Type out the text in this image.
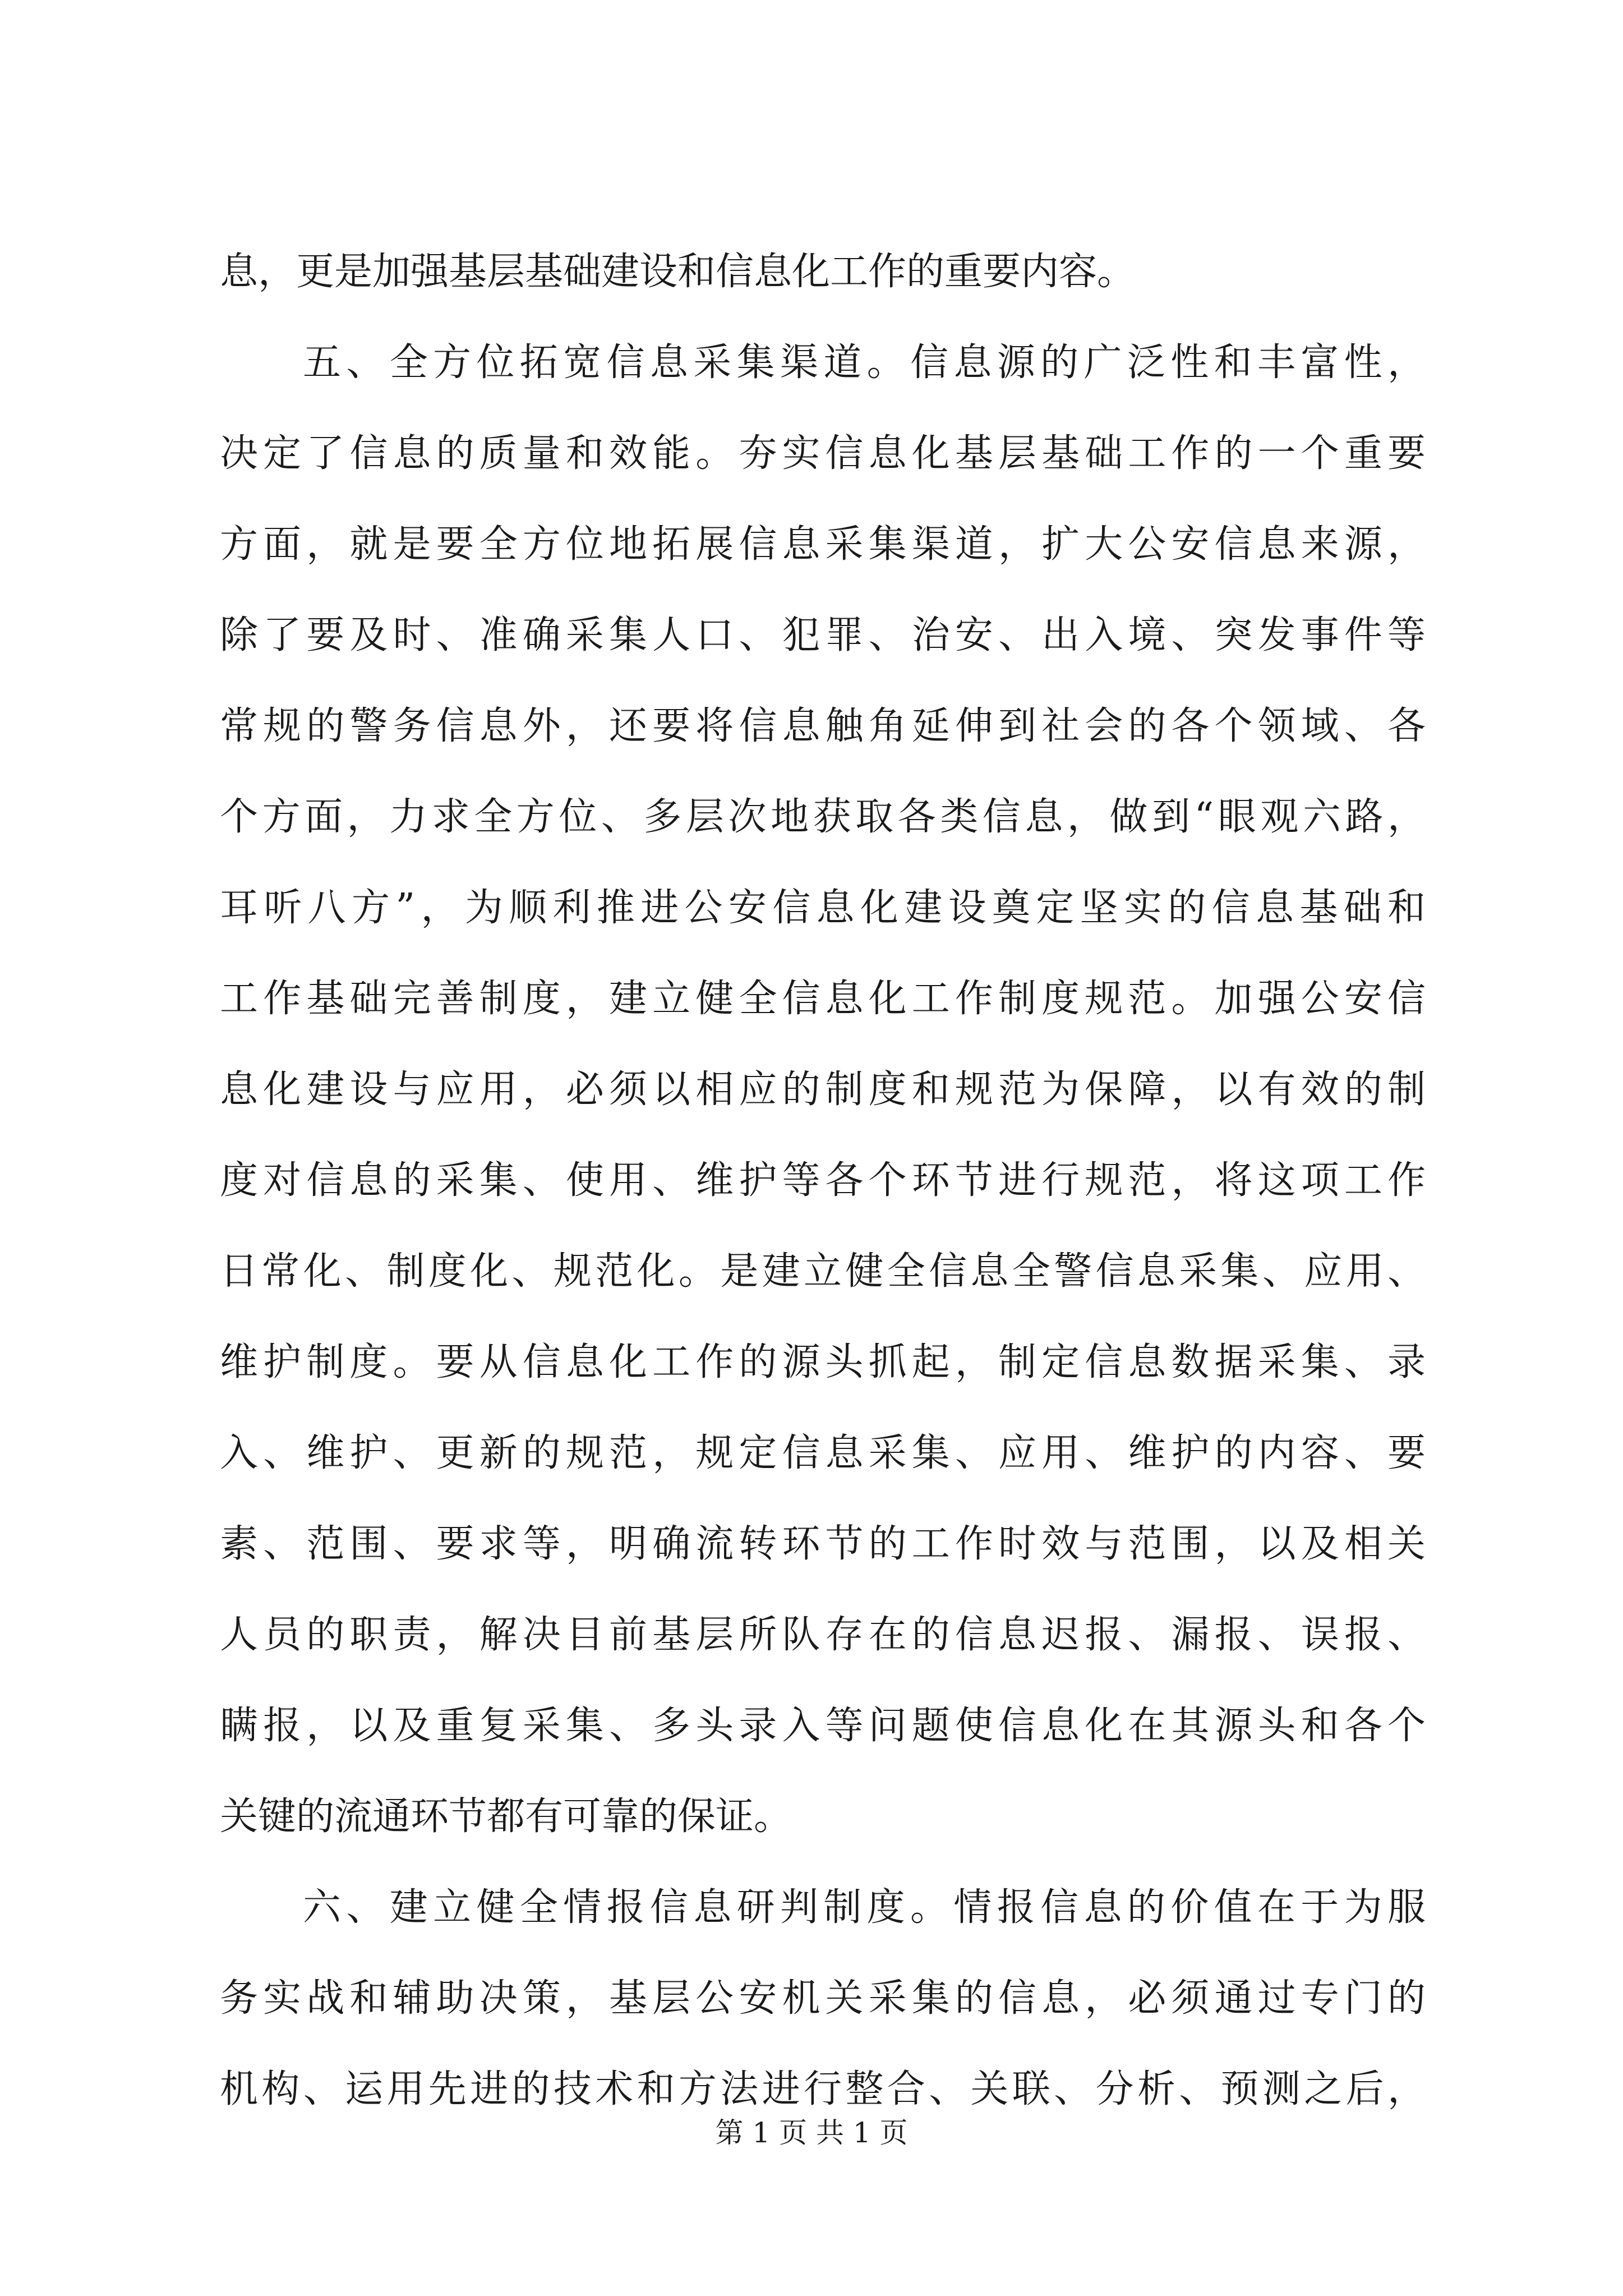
息，更是加强基层基础建设和信息化工作的重要内容。
五、全方位拓宽信息采集渠道。信息源的广泛性和丰富性，
决定了信息的质量和效能。夯实信息化基层基础工作的一个重要
方面，就是要全方位地拓展信息采集渠道，扩大公安信息来源，
除了要及时、准确采集人口、犯罪、治安、出入境、突发事件等
常规的警务信息外，还要将信息触角延伸到社会的各个领域、各
个方面，力求全方位、多层次地获取各类信息，做到“眼观六路，
耳听八方”，为顺利推进公安信息化建设奠定坚实的信息基础和
工作基础完善制度，建立健全信息化工作制度规范。加强公安信
息化建设与应用，必须以相应的制度和规范为保障，以有效的制
度对信息的采集、使用、维护等各个环节进行规范，将这项工作
日常化、制度化、规范化。是建立健全信息全警信息采集、应用、
维护制度。要从信息化工作的源头抓起，制定信息数据采集、录
入、维护、更新的规范，规定信息采集、应用、维护的内容、要
素、范围、要求等，明确流转环节的工作时效与范围，以及相关
人员的职责，解决目前基层所队存在的信息迟报、漏报、误报、
瞒报，以及重复采集、多头录入等问题使信息化在其源头和各个
关键的流通环节都有可靠的保证。
六、建立健全情报信息研判制度。情报信息的价值在于为服
务实战和辅助决策，基层公安机关采集的信息，必须通过专门的
机构、运用先进的技术和方法进行整合、关联、分析、预测之后，
第 1 页 共 1 页
